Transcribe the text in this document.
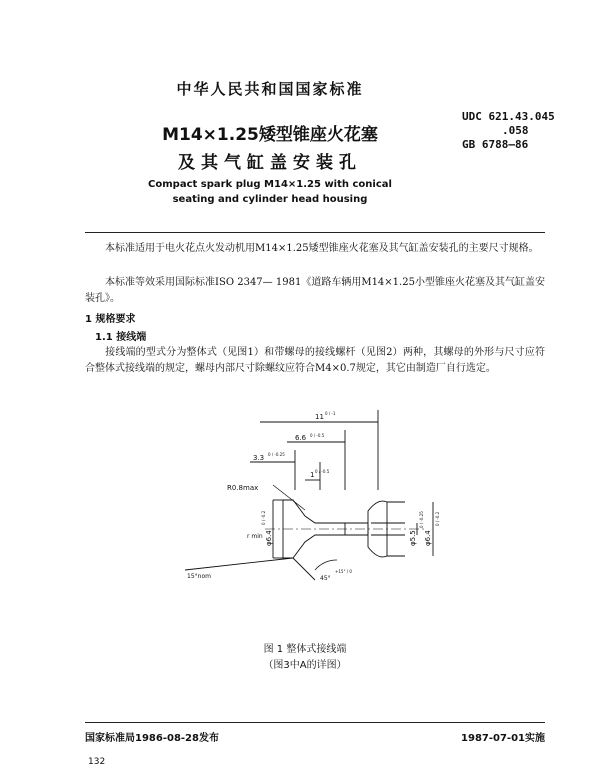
中华人民共和国国家标准
UDC 621.43.045
.058
GB 6788—86
M14×1.25矮型锥座火花塞
及其气缸盖安装孔
Compact spark plug M14×1.25 with conical
seating and cylinder head housing
本标准适用于电火花点火发动机用M14×1.25矮型锥座火花塞及其气缸盖安装孔的主要尺寸规格。
本标准等效采用国际标准ISO 2347— 1981《道路车辆用M14×1.25小型锥座火花塞及其气缸盖安装孔》。
1 规格要求
1.1 接线端
接线端的型式分为整体式（见图1）和带螺母的接线螺杆（见图2）两种，其螺母的外形与尺寸应符合整体式接线端的规定，螺母内部尺寸除螺纹应符合M4×0.7规定，其它由制造厂自行选定。
11 0 / -1
6.6 0 / -0.5
3.3 0 / -0.25
1 0 / -0.5
R0.8max
φ6.4
0 / -0.2
r min	φ5.5
0 / -0.25
φ6.4
0 / -0.2
15°nom	45°
+15° / 0
图 1 整体式接线端
（图3中A的详图）
国家标准局1986-08-28发布	1987-07-01实施
132
